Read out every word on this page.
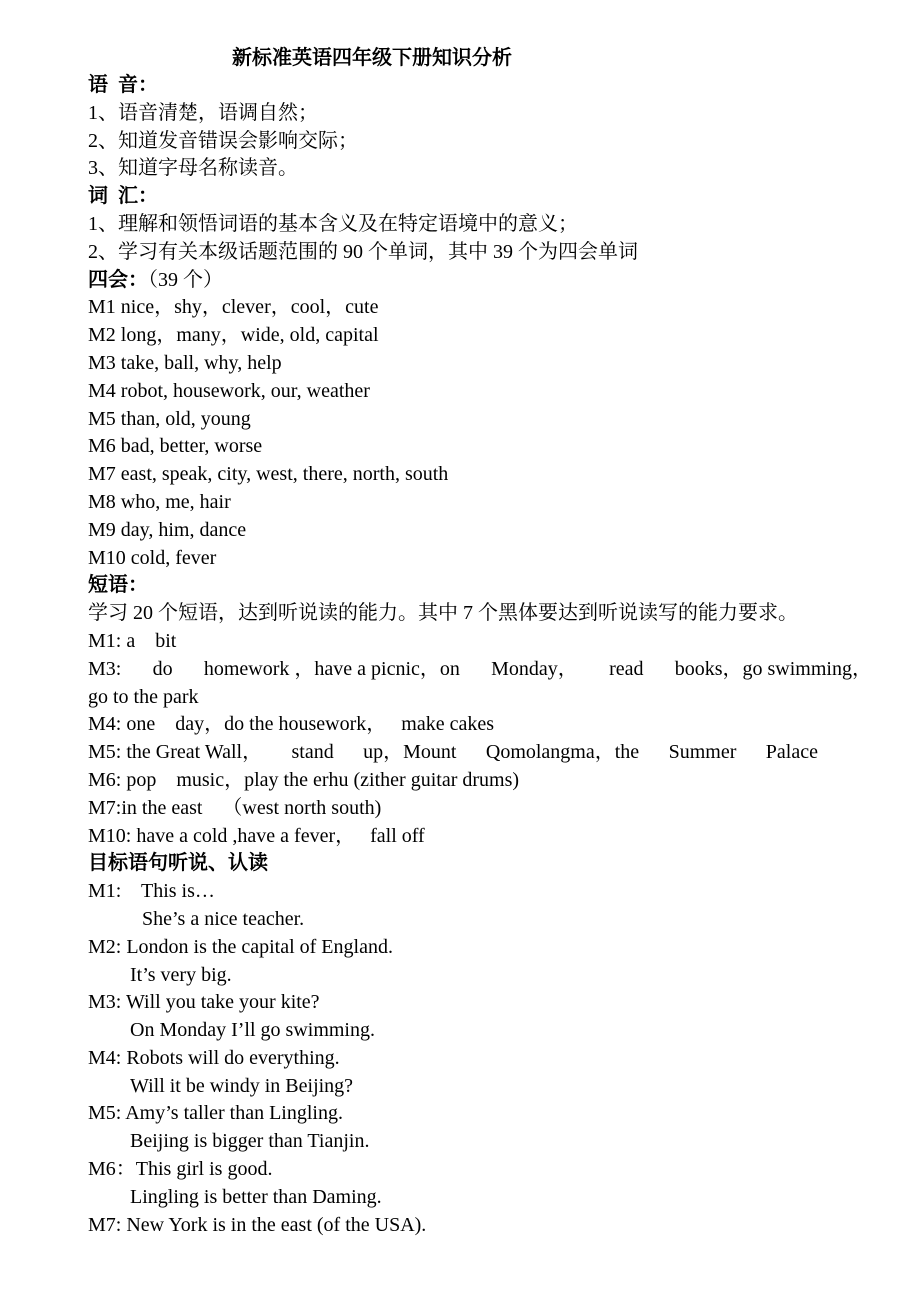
新标准英语四年级下册知识分析
语  音：
1、语音清楚，语调自然；
2、知道发音错误会影响交际；
3、知道字母名称读音。
词  汇：
1、理解和领悟词语的基本含义及在特定语境中的意义；
2、学习有关本级话题范围的 90 个单词，其中 39 个为四会单词
四会：（39 个）
M1 nice，shy，clever，cool，cute
M2 long，many，wide, old, capital
M3 take, ball, why, help
M4 robot, housework, our, weather
M5 than, old, young
M6 bad, better, worse
M7 east, speak, city, west, there, north, south
M8 who, me, hair
M9 day, him, dance
M10 cold, fever
短语：
学习 20 个短语，达到听说读的能力。其中 7 个黑体要达到听说读写的能力要求。
M1: a    bit
M3: do homework ，have a picnic，on Monday， read books，go swimming，
go to the park
M4: one    day，do the housework，   make cakes
M5: the Great Wall， stand up，Mount Qomolangma，the Summer Palace
M6: pop    music，play the erhu (zither guitar drums)
M7:in the east    （west north south)
M10: have a cold ,have a fever，   fall off
目标语句听说、认读
M1:    This is…
She’s a nice teacher.
M2: London is the capital of England.
It’s very big.
M3: Will you take your kite?
On Monday I’ll go swimming.
M4: Robots will do everything.
Will it be windy in Beijing?
M5: Amy’s taller than Lingling.
Beijing is bigger than Tianjin.
M6：This girl is good.
Lingling is better than Daming.
M7: New York is in the east (of the USA).
